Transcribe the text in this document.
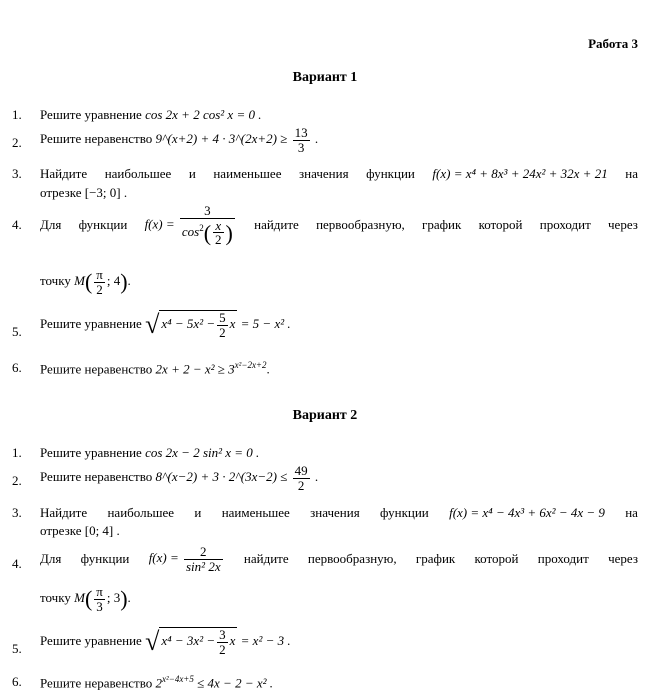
Работа 3
Вариант 1
1. Решите уравнение cos 2x + 2 cos² x = 0 .
2. Решите неравенство 9^(x+2) + 4 · 3^(2x+2) ≥ $\frac{13}{3}$ .
3. Найдите наибольшее и наименьшее значения функции f(x) = x⁴ + 8x³ + 24x² + 32x + 21 на
отрезке [−3; 0] .
4. Для функции $f(x) = \frac{3}{\cos^2( \frac{x}{2} )}$ найдите первообразную, график которой проходит через
точку $M( \frac{\pi}{2}$ ; 4).
5.
Решите уравнение √ $x^4 - 5x^2 - \frac{5}{2}$ x = 5 − x² .
6. Решите неравенство $2x + 2 - x^2 \ge 3^{x^2-2x+2}$.
Вариант 2
1. Решите уравнение cos 2x − 2 sin² x = 0 .
2. Решите неравенство 8^(x−2) + 3 · 2^(3x−2) ≤ $\frac{49}{2}$ .
3. Найдите наибольшее и наименьшее значения функции f(x) = x⁴ − 4x³ + 6x² − 4x − 9 на
отрезке [0; 4] .
4. Для функции $f(x) = \frac{2}{\text{sin² 2x}}$ найдите первообразную, график которой проходит через
точку $M( \frac{\pi}{3}$ ; 3).
5.
Решите уравнение √ $x^4 - 3x^2 - \frac{3}{2}$ x = x² − 3 .
6. Решите неравенство $2^{x^2-4x+5} \le 4x - 2 - x^2$ .
